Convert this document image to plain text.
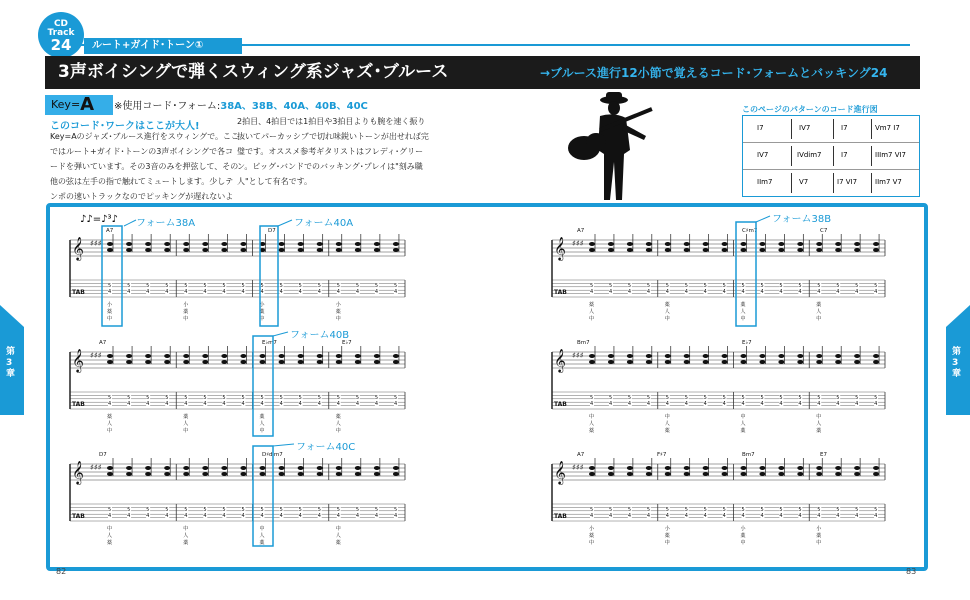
ルート+ガイド･トーン①
CD
Track
24
3声ボイシングで弾くスウィング系ジャズ･ブルース	→ブルース進行12小節で覚えるコード･フォームとバッキング24
Key=A	※使用コード･フォーム:38A、38B、40A、40B、40C
このコード･ワークはここが大人!
Key=Aのジャズ･ブルース進行をスウィングで。ここではルート+ガイド･トーンの3声ボイシングで各コードを弾いています。その3音のみを押弦して、その他の弦は左手の指で触れてミュートします。少しテンポの速いトラックなのでピッキングが遅れないよ
2拍目、4拍目では1拍目や3拍目よりも腕を速く振り抜いてパーカッシブで切れ味鋭いトーンが出せれば完璧です。オススメ参考ギタリストはフレディ･グリーン。ビッグ･バンドでのバッキング･プレイは"刻み職人"として有名です。
このページのパターンのコード進行図
I7	IV7	I7	Vm7 I7
IV7	IVdim7	I7	IIIm7 VI7
IIm7	V7	I7 VI7	IIm7 V7
𝄞
TAB
♯♯♯
5
4
小
薬
中
5
4
5
4
5
4
5
4
小
薬
中
5
4
5
4
5
4
5
4
小
薬
中
5
4
5
4
5
4
5
4
小
薬
中
5
4
5
4
5
4
A7	D7
𝄞
TAB
♯♯♯
5
4
薬
人
中
5
4
5
4
5
4
5
4
薬
人
中
5
4
5
4
5
4
5
4
薬
人
中
5
4
5
4
5
4
5
4
薬
人
中
5
4
5
4
5
4
A7	E♭m7	E♭7
𝄞
TAB
♯♯♯
5
4
中
人
薬
5
4
5
4
5
4
5
4
中
人
薬
5
4
5
4
5
4
5
4
中
人
薬
5
4
5
4
5
4
5
4
中
人
薬
5
4
5
4
5
4
D7	D♯dim7
𝄞
TAB
♯♯♯
5
4
薬
人
中
5
4
5
4
5
4
5
4
薬
人
中
5
4
5
4
5
4
5
4
薬
人
中
5
4
5
4
5
4
5
4
薬
人
中
5
4
5
4
5
4
A7	C♯m7	C7
𝄞
TAB
♯♯♯
5
4
中
人
薬
5
4
5
4
5
4
5
4
中
人
薬
5
4
5
4
5
4
5
4
中
人
薬
5
4
5
4
5
4
5
4
中
人
薬
5
4
5
4
5
4
Bm7	E♭7
𝄞
TAB
♯♯♯
5
4
小
薬
中
5
4
5
4
5
4
5
4
小
薬
中
5
4
5
4
5
4
5
4
小
薬
中
5
4
5
4
5
4
5
4
小
薬
中
5
4
5
4
5
4
A7	F♯7	Bm7	E7
♪♪=♪³♪ フォーム38A	フォーム40A
フォーム40B
フォーム40C
フォーム38B
第3章
第3章
82	83
